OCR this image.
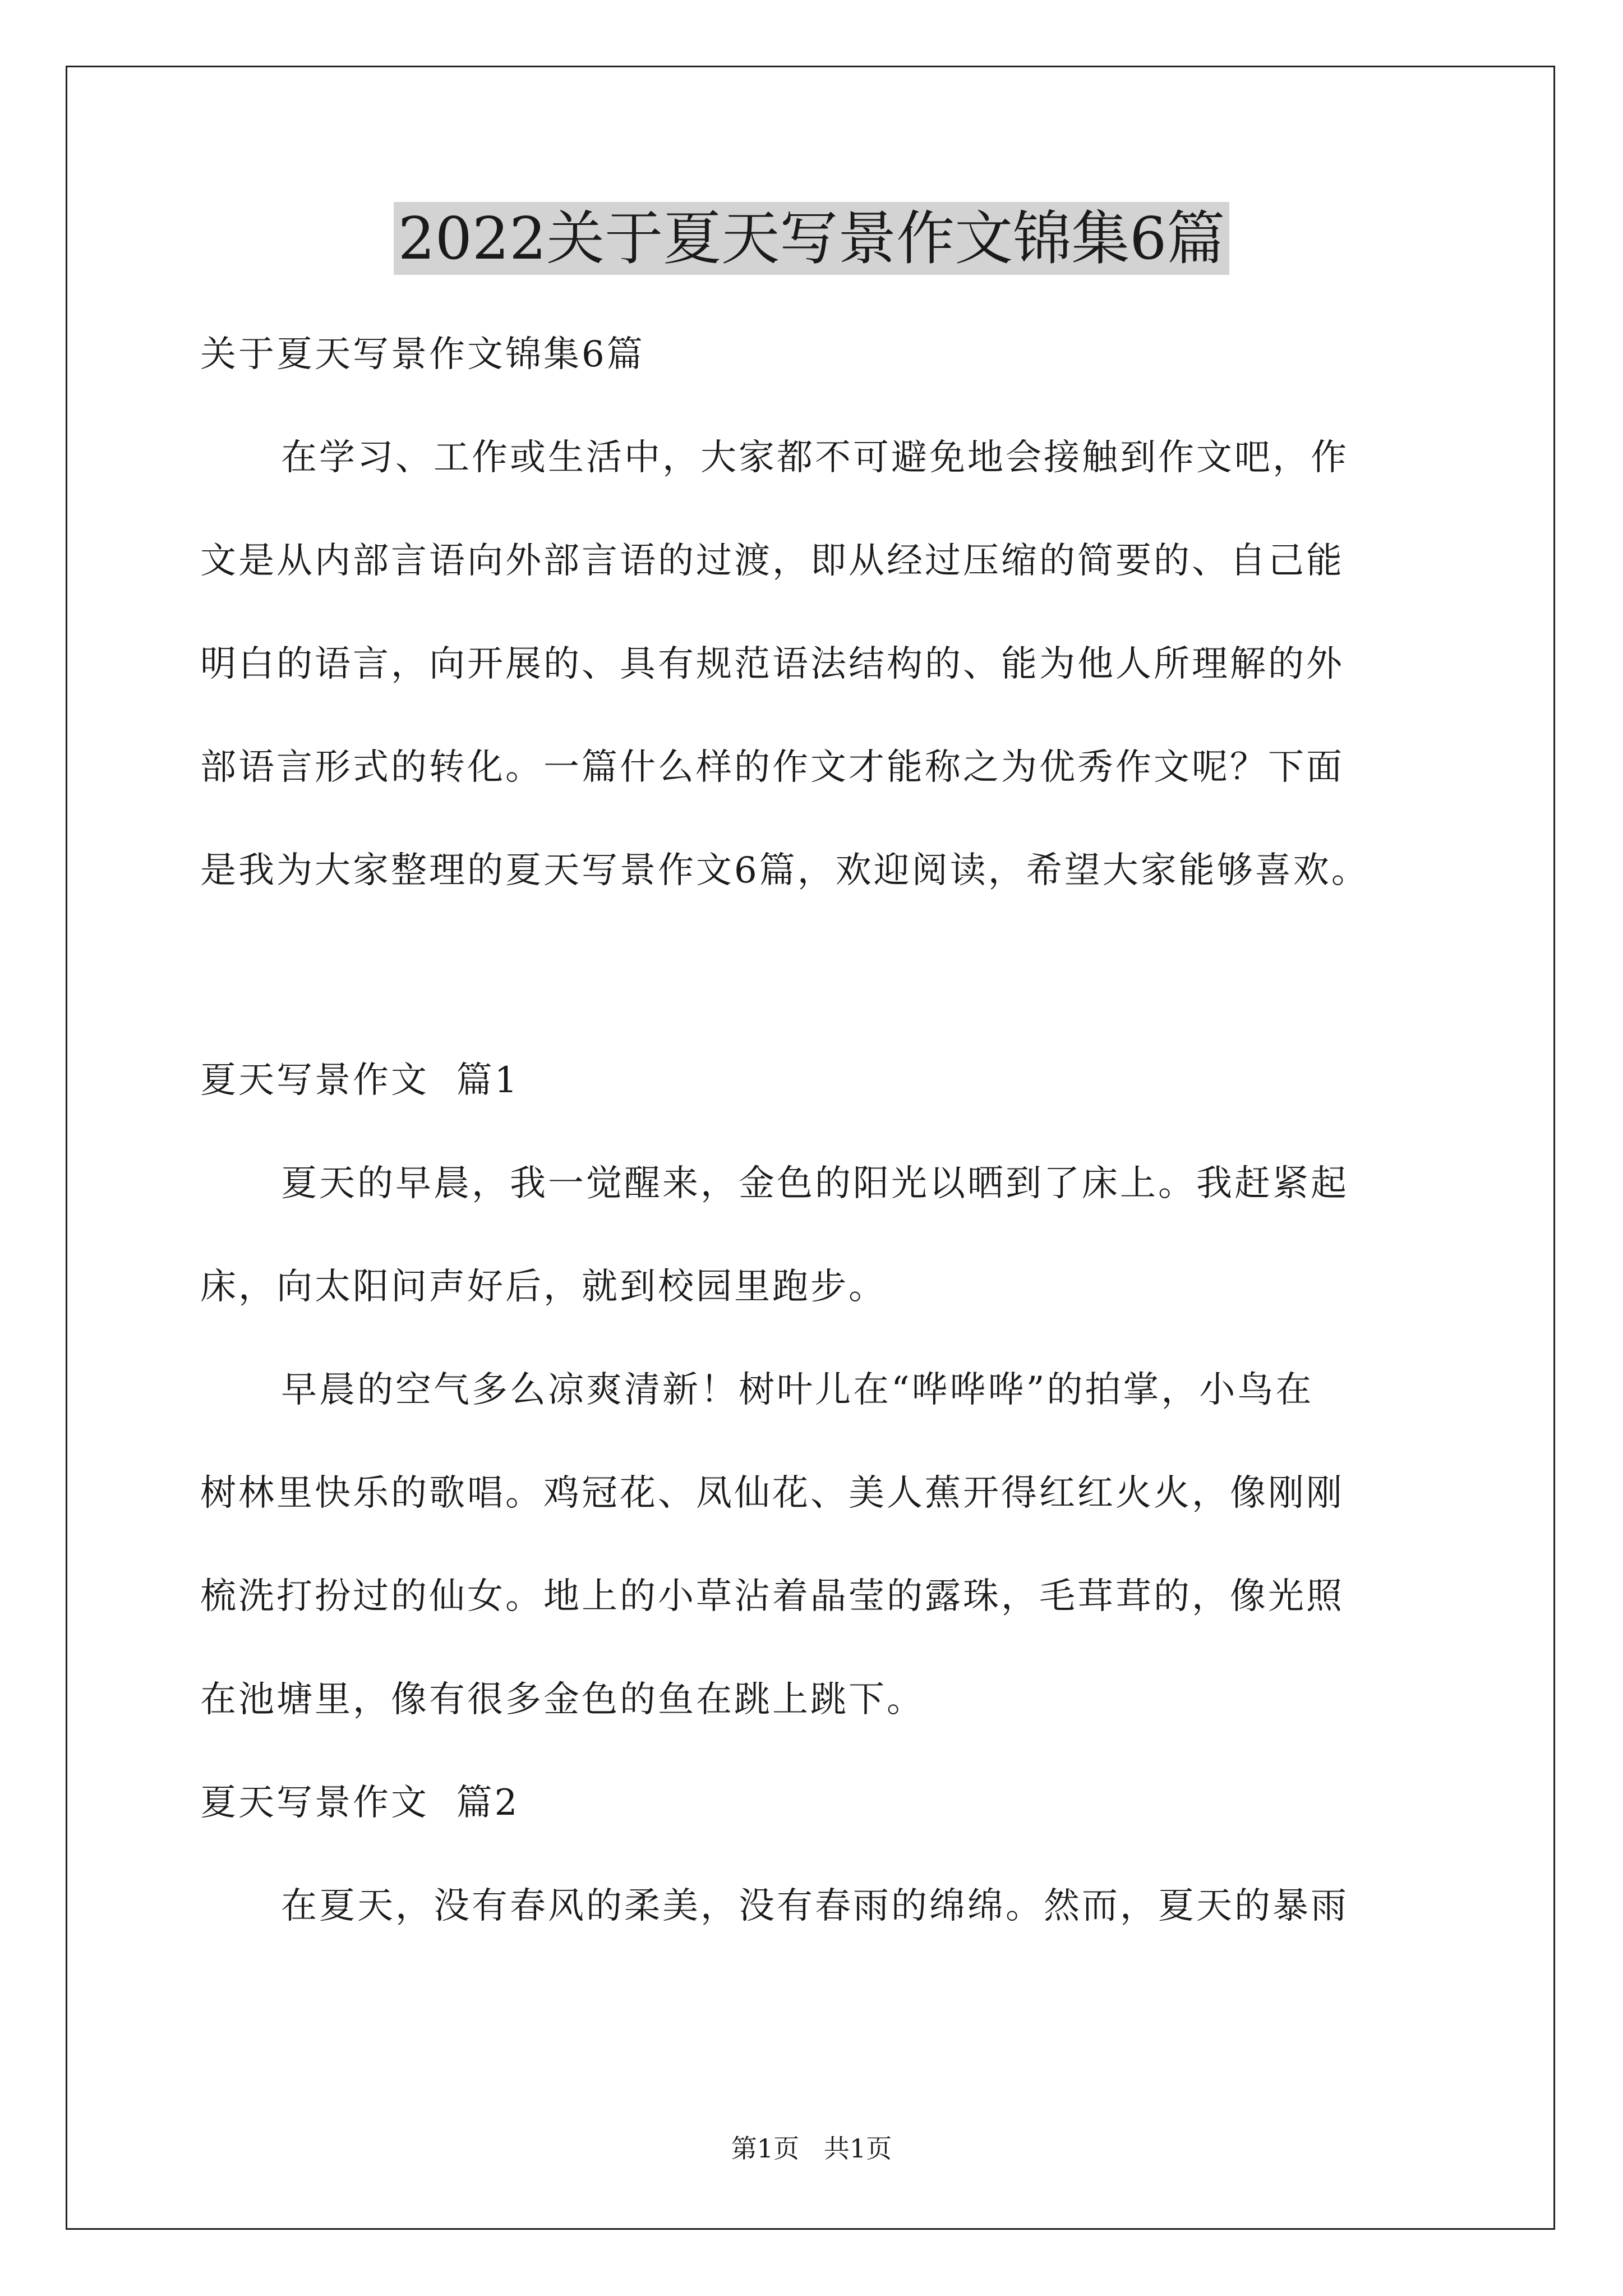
2022关于夏天写景作文锦集6篇
关于夏天写景作文锦集6篇
在学习、工作或生活中，大家都不可避免地会接触到作文吧，作
文是从内部言语向外部言语的过渡，即从经过压缩的简要的、自己能
明白的语言，向开展的、具有规范语法结构的、能为他人所理解的外
部语言形式的转化。一篇什么样的作文才能称之为优秀作文呢？下面
是我为大家整理的夏天写景作文6篇，欢迎阅读，希望大家能够喜欢。
夏天写景作文  篇1
夏天的早晨，我一觉醒来，金色的阳光以晒到了床上。我赶紧起
床，向太阳问声好后，就到校园里跑步。
早晨的空气多么凉爽清新！树叶儿在“哗哗哗”的拍掌，小鸟在
树林里快乐的歌唱。鸡冠花、凤仙花、美人蕉开得红红火火，像刚刚
梳洗打扮过的仙女。地上的小草沾着晶莹的露珠，毛茸茸的，像光照
在池塘里，像有很多金色的鱼在跳上跳下。
夏天写景作文  篇2
在夏天，没有春风的柔美，没有春雨的绵绵。然而，夏天的暴雨
第1页   共1页
